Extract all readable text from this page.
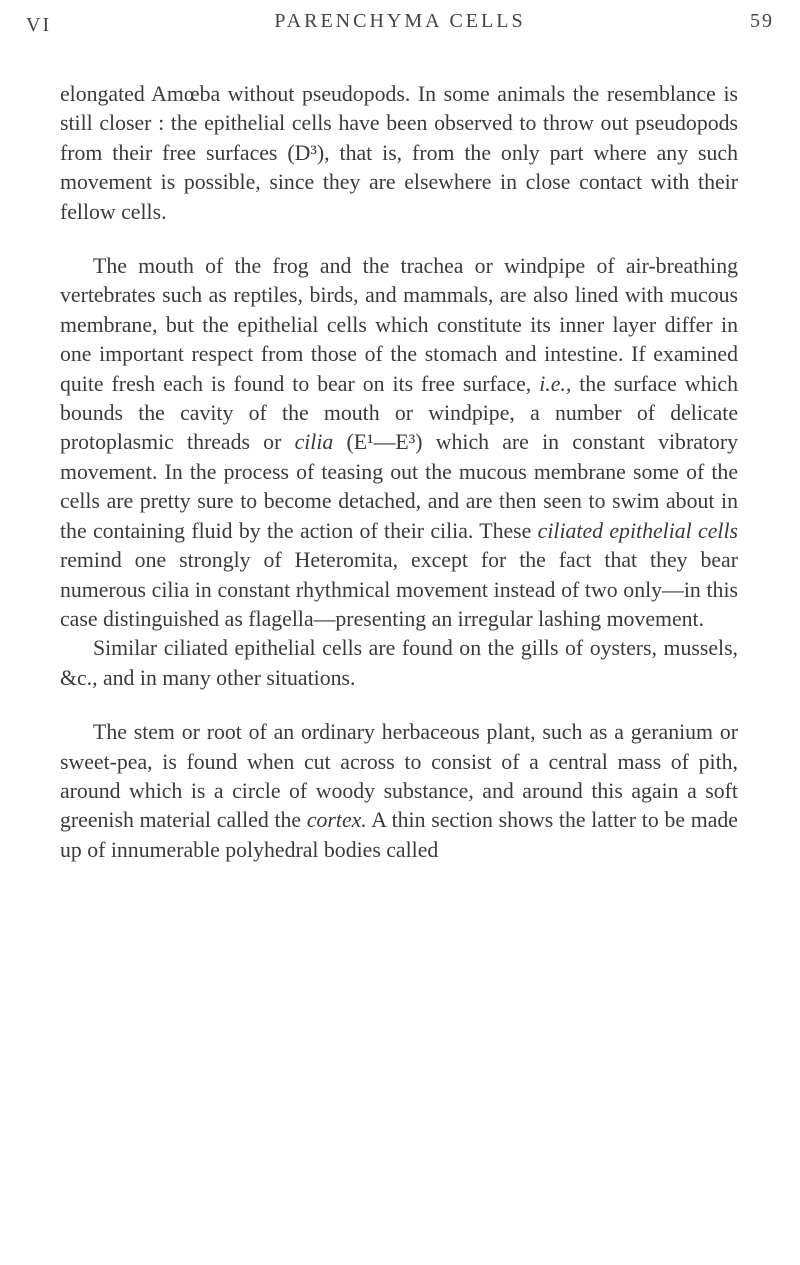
VI	PARENCHYMA CELLS	59

elongated Amœba without pseudopods. In some animals the resemblance is still closer : the epithelial cells have been observed to throw out pseudopods from their free surfaces (D³), that is, from the only part where any such movement is possible, since they are elsewhere in close contact with their fellow cells.

The mouth of the frog and the trachea or windpipe of air-breathing vertebrates such as reptiles, birds, and mammals, are also lined with mucous membrane, but the epithelial cells which constitute its inner layer differ in one important respect from those of the stomach and intestine. If examined quite fresh each is found to bear on its free surface, i.e., the surface which bounds the cavity of the mouth or windpipe, a number of delicate protoplasmic threads or cilia (E¹—E³) which are in constant vibratory movement. In the process of teasing out the mucous membrane some of the cells are pretty sure to become detached, and are then seen to swim about in the containing fluid by the action of their cilia. These ciliated epithelial cells remind one strongly of Heteromita, except for the fact that they bear numerous cilia in constant rhythmical movement instead of two only—in this case distinguished as flagella—presenting an irregular lashing movement.

Similar ciliated epithelial cells are found on the gills of oysters, mussels, &c., and in many other situations.

The stem or root of an ordinary herbaceous plant, such as a geranium or sweet-pea, is found when cut across to consist of a central mass of pith, around which is a circle of woody substance, and around this again a soft greenish material called the cortex. A thin section shows the latter to be made up of innumerable polyhedral bodies called
